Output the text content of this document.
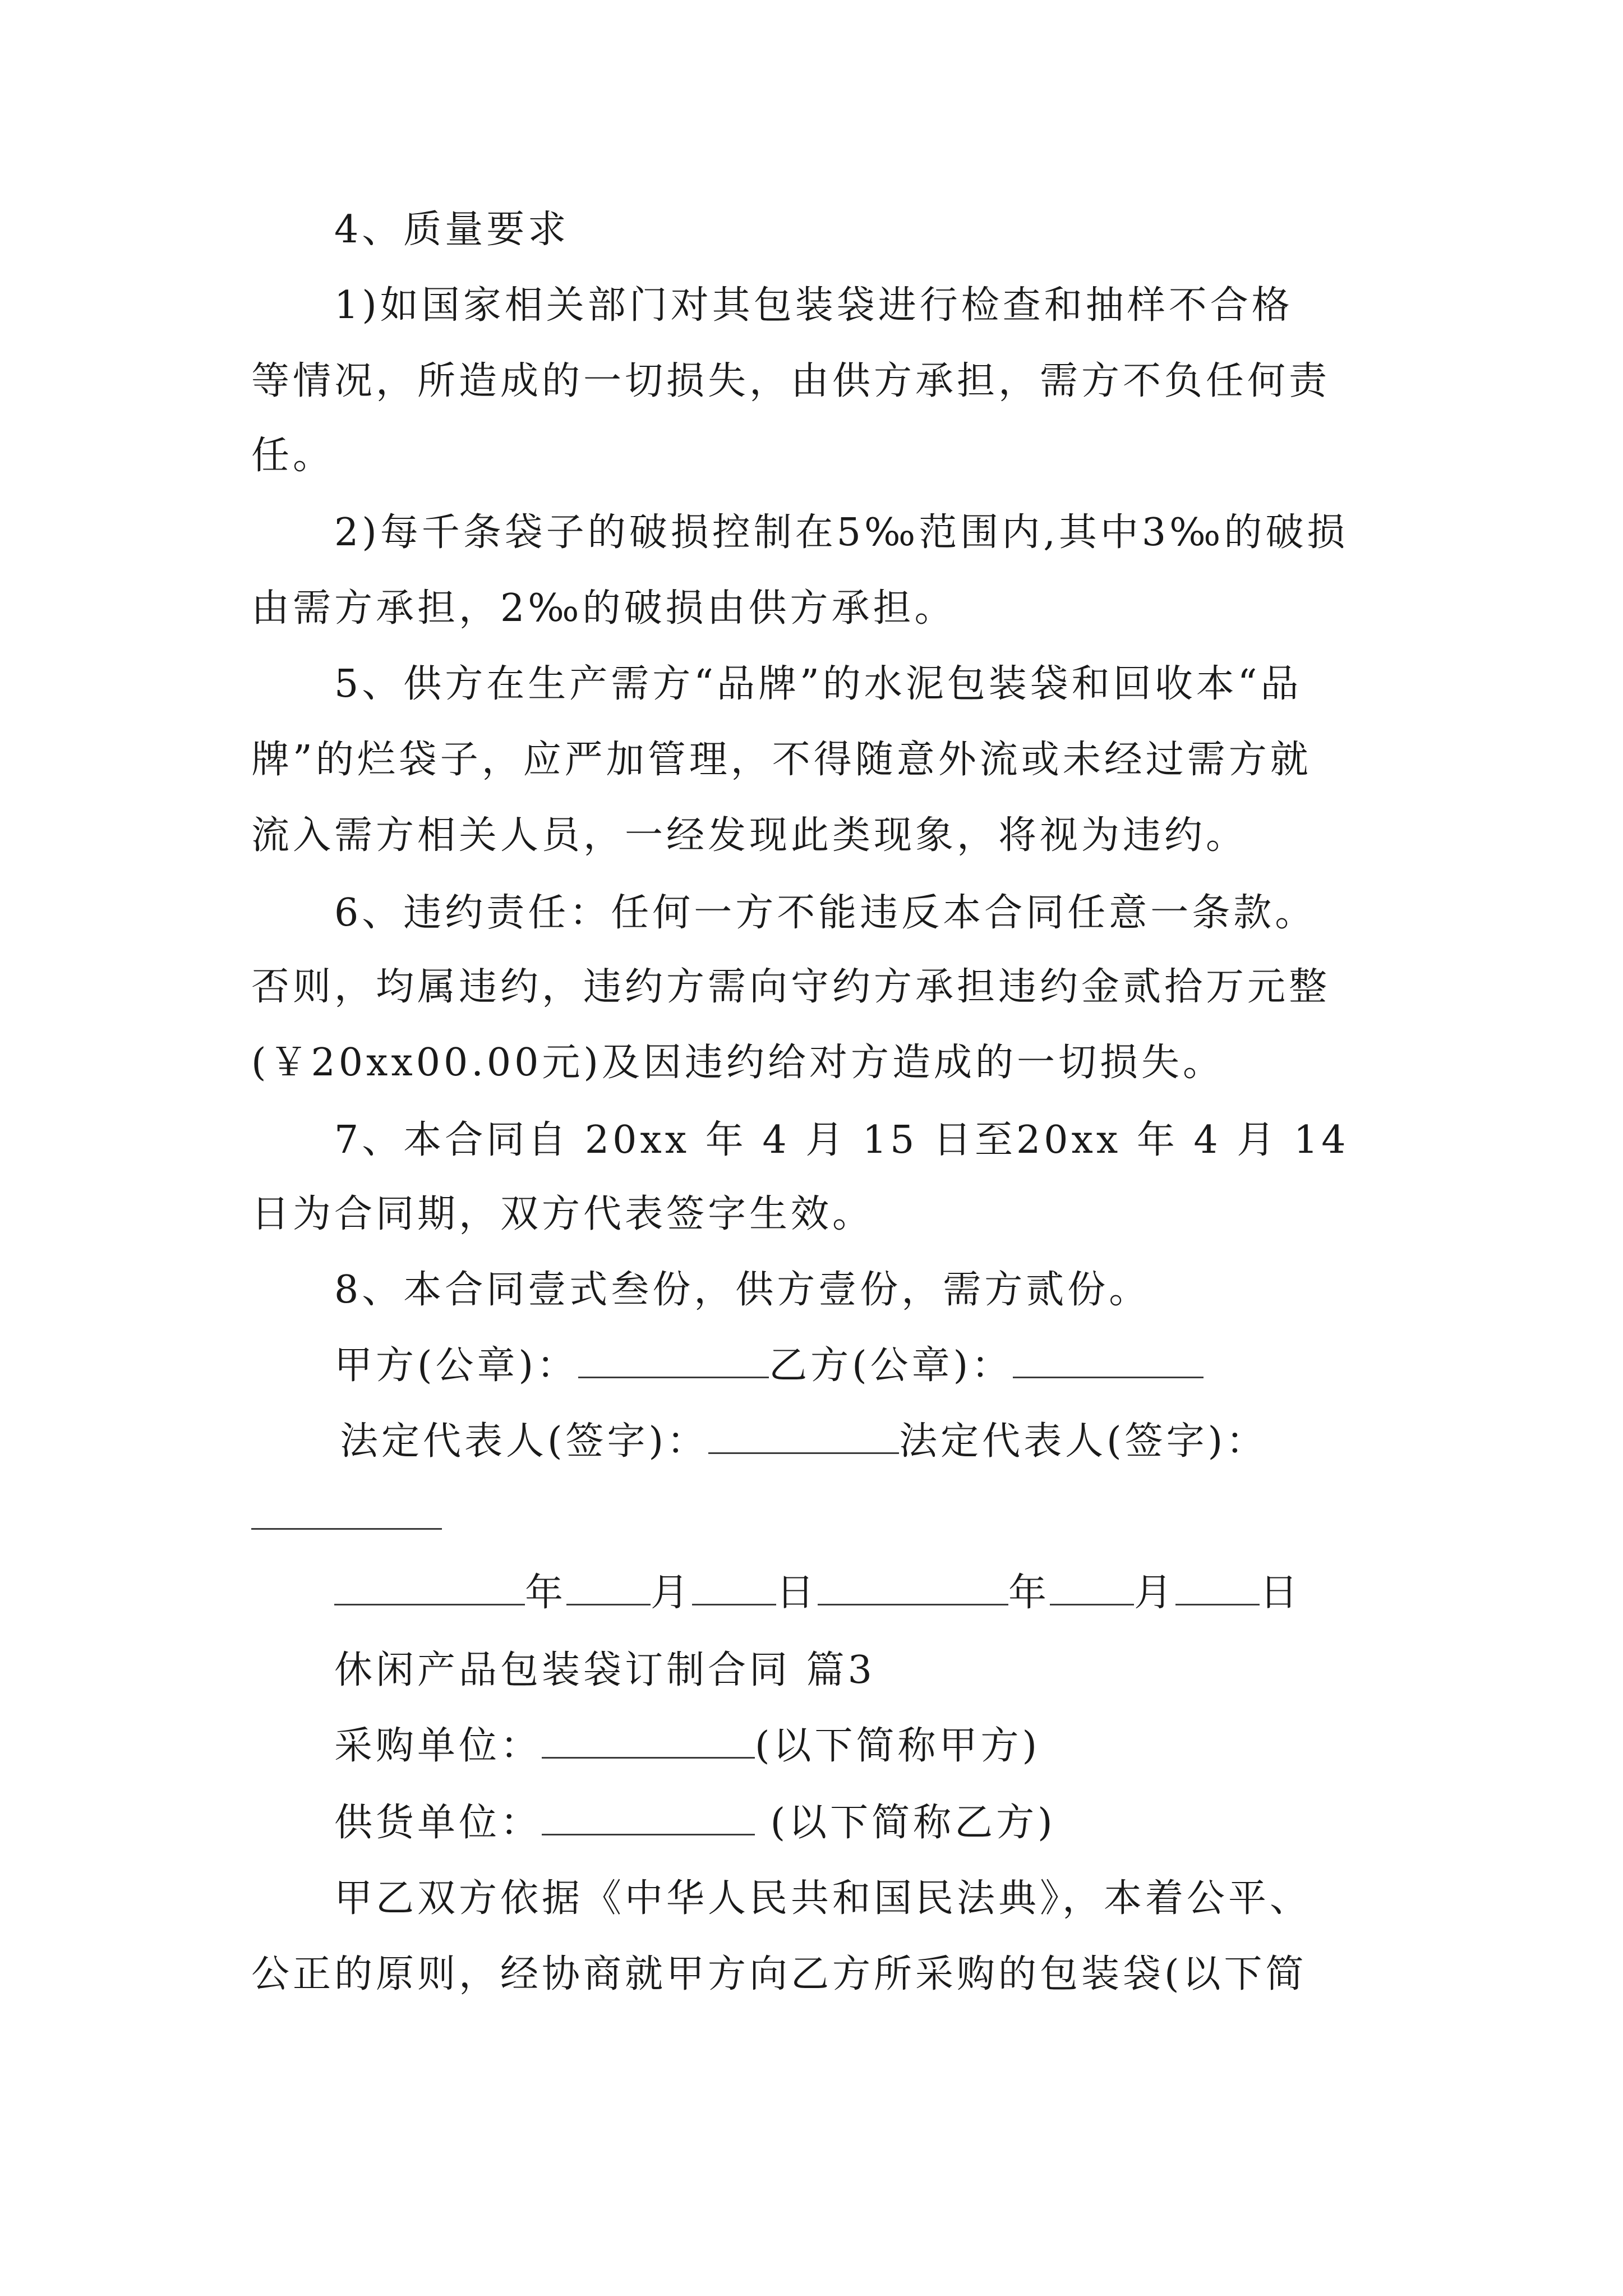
4、质量要求
1)如国家相关部门对其包装袋进行检查和抽样不合格
等情况，所造成的一切损失，由供方承担，需方不负任何责
任。
2)每千条袋子的破损控制在5‰范围内,其中3‰的破损
由需方承担，2‰的破损由供方承担。
5、供方在生产需方“品牌”的水泥包装袋和回收本“品
牌”的烂袋子，应严加管理，不得随意外流或未经过需方就
流入需方相关人员，一经发现此类现象，将视为违约。
6、违约责任：任何一方不能违反本合同任意一条款。
否则，均属违约，违约方需向守约方承担违约金贰拾万元整
(￥20xx00.00元)及因违约给对方造成的一切损失。
7、本合同自 20xx 年 4 月 15 日至20xx 年 4 月 14
日为合同期，双方代表签字生效。
8、本合同壹式叁份，供方壹份，需方贰份。
甲方(公章)：	乙方(公章)：
法定代表人(签字)：	法定代表人(签字)：
年 月 日	年 月 日
休闲产品包装袋订制合同 篇3
采购单位：	(以下简称甲方)
供货单位：	(以下简称乙方)
甲乙双方依据《中华人民共和国民法典》，本着公平、
公正的原则，经协商就甲方向乙方所采购的包装袋(以下简
